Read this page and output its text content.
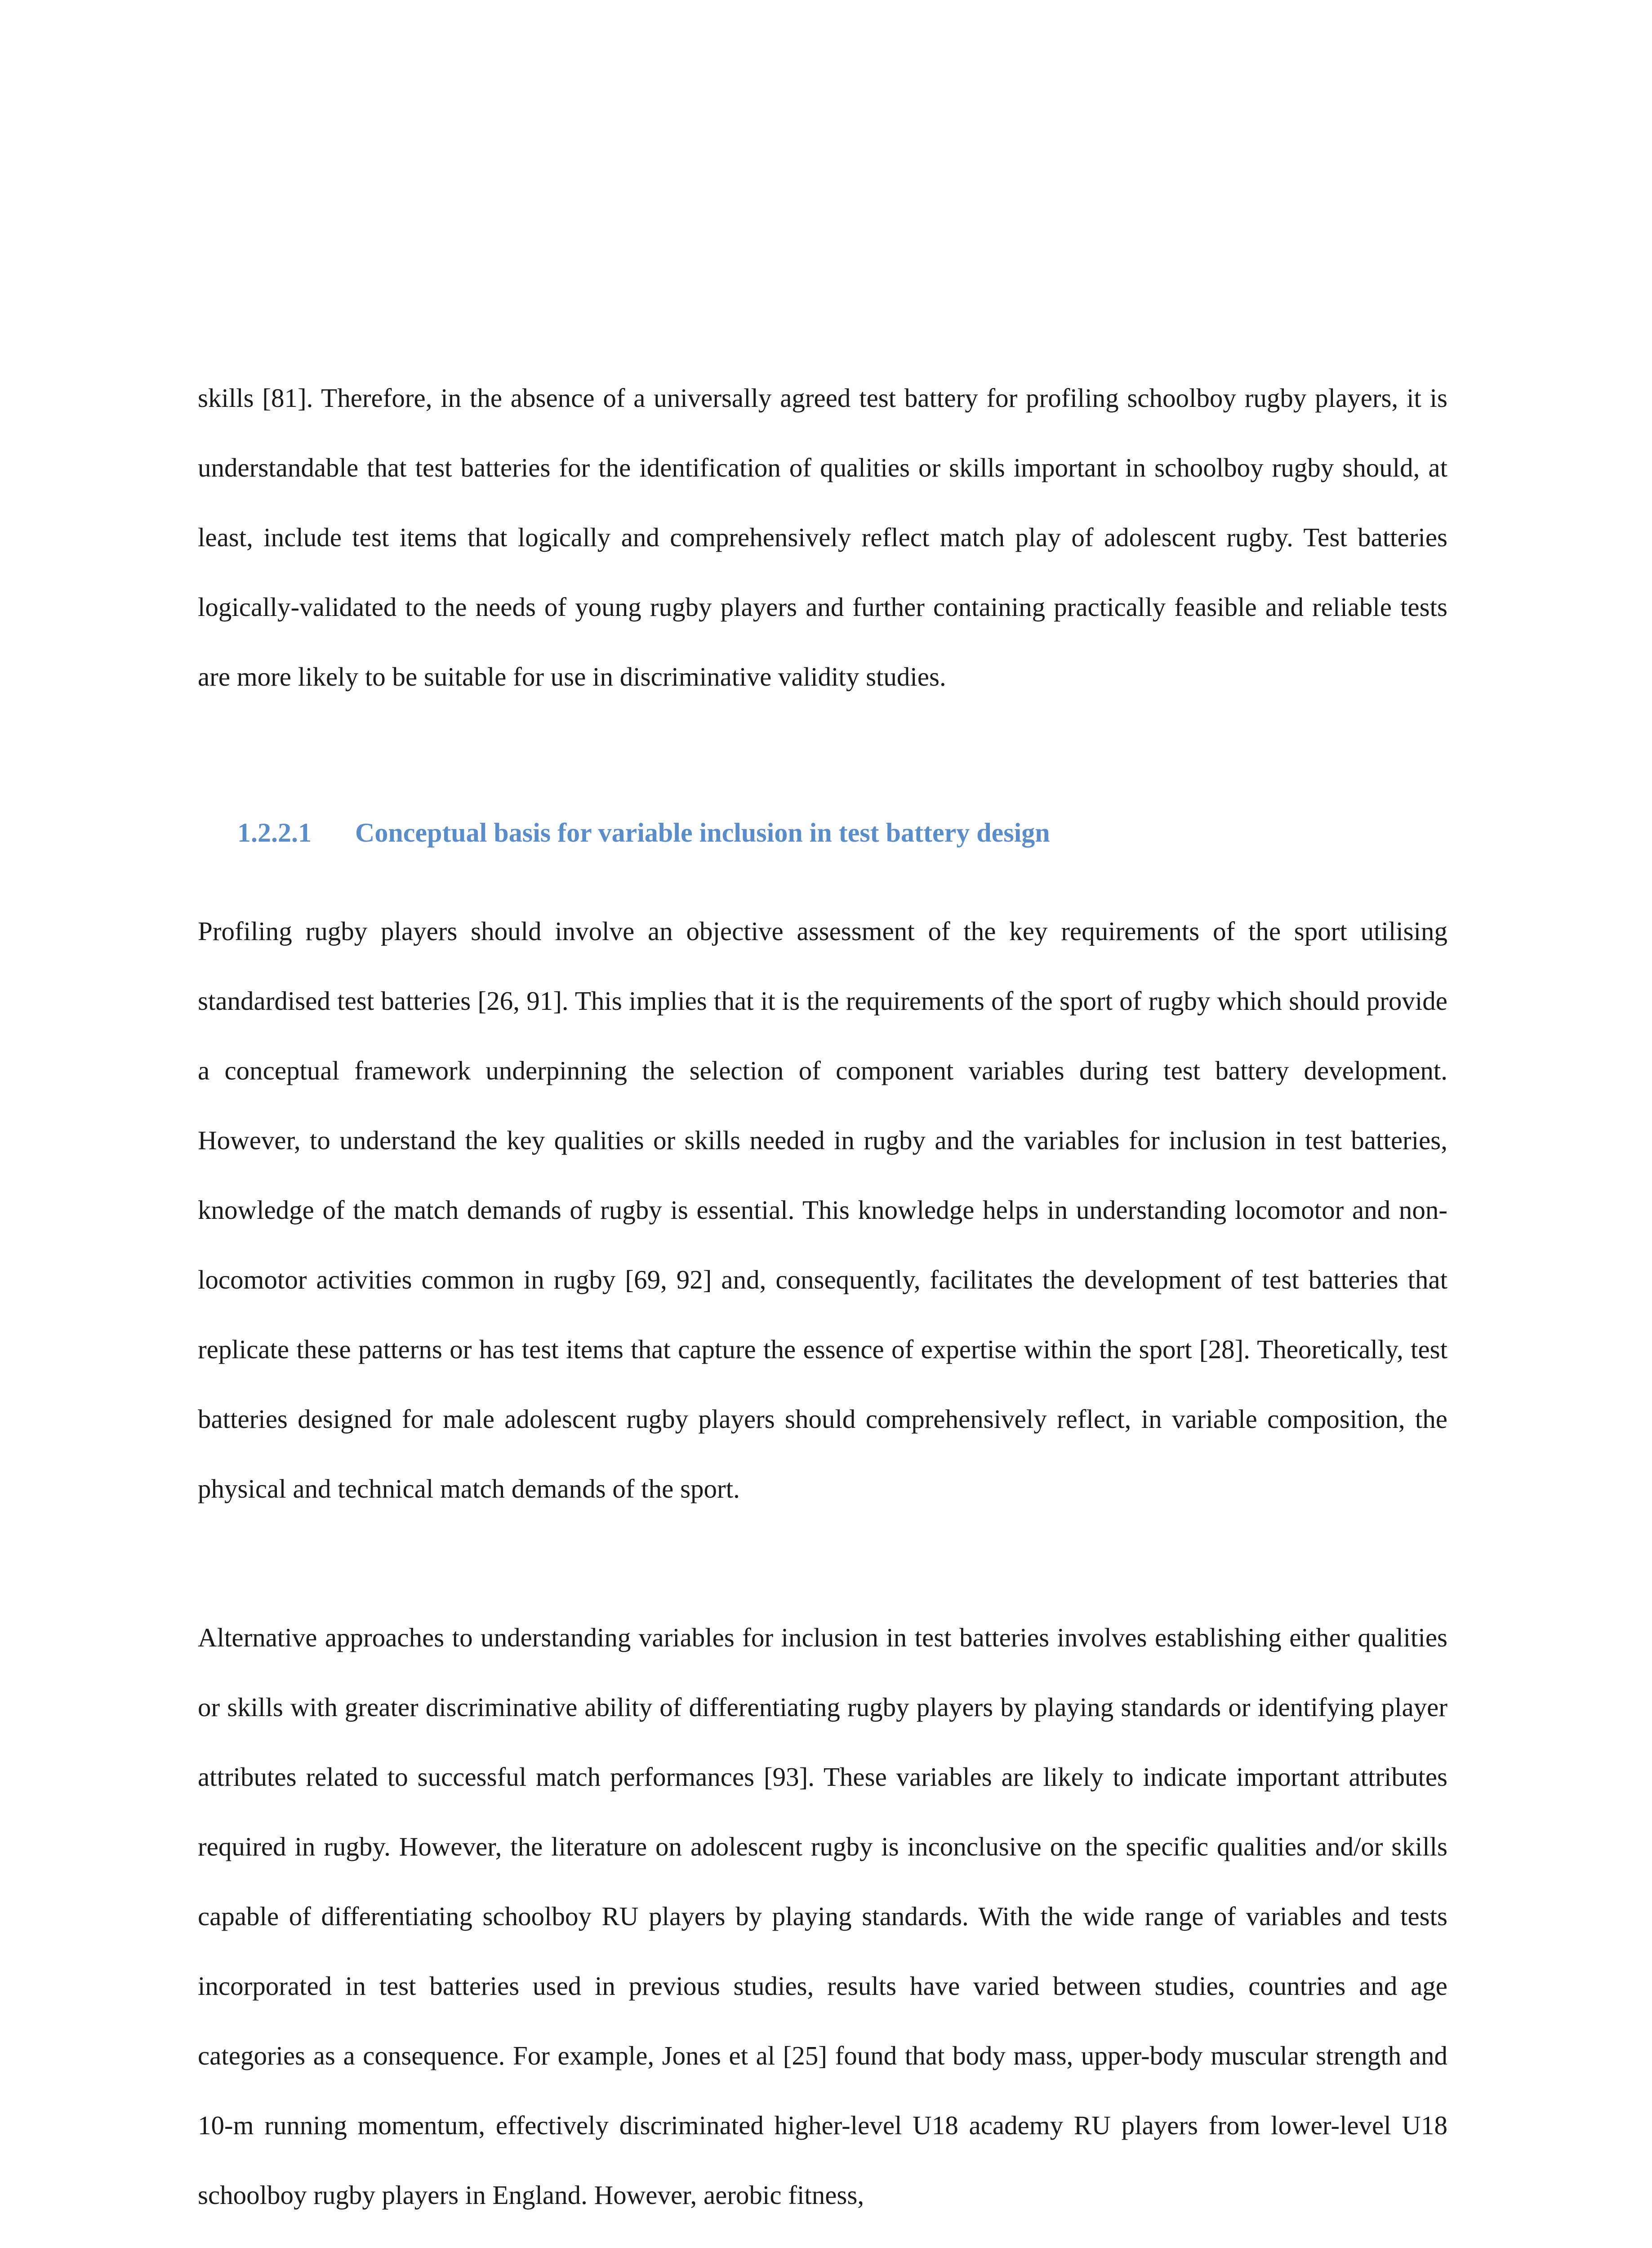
skills [81]. Therefore, in the absence of a universally agreed test battery for profiling schoolboy rugby players, it is understandable that test batteries for the identification of qualities or skills important in schoolboy rugby should, at least, include test items that logically and comprehensively reflect match play of adolescent rugby. Test batteries logically-validated to the needs of young rugby players and further containing practically feasible and reliable tests are more likely to be suitable for use in discriminative validity studies.

1.2.2.1 Conceptual basis for variable inclusion in test battery design

Profiling rugby players should involve an objective assessment of the key requirements of the sport utilising standardised test batteries [26, 91]. This implies that it is the requirements of the sport of rugby which should provide a conceptual framework underpinning the selection of component variables during test battery development. However, to understand the key qualities or skills needed in rugby and the variables for inclusion in test batteries, knowledge of the match demands of rugby is essential. This knowledge helps in understanding locomotor and non-locomotor activities common in rugby [69, 92] and, consequently, facilitates the development of test batteries that replicate these patterns or has test items that capture the essence of expertise within the sport [28]. Theoretically, test batteries designed for male adolescent rugby players should comprehensively reflect, in variable composition, the physical and technical match demands of the sport.

Alternative approaches to understanding variables for inclusion in test batteries involves establishing either qualities or skills with greater discriminative ability of differentiating rugby players by playing standards or identifying player attributes related to successful match performances [93]. These variables are likely to indicate important attributes required in rugby. However, the literature on adolescent rugby is inconclusive on the specific qualities and/or skills capable of differentiating schoolboy RU players by playing standards. With the wide range of variables and tests incorporated in test batteries used in previous studies, results have varied between studies, countries and age categories as a consequence. For example, Jones et al [25] found that body mass, upper-body muscular strength and 10-m running momentum, effectively discriminated higher-level U18 academy RU players from lower-level U18 schoolboy rugby players in England. However, aerobic fitness,
